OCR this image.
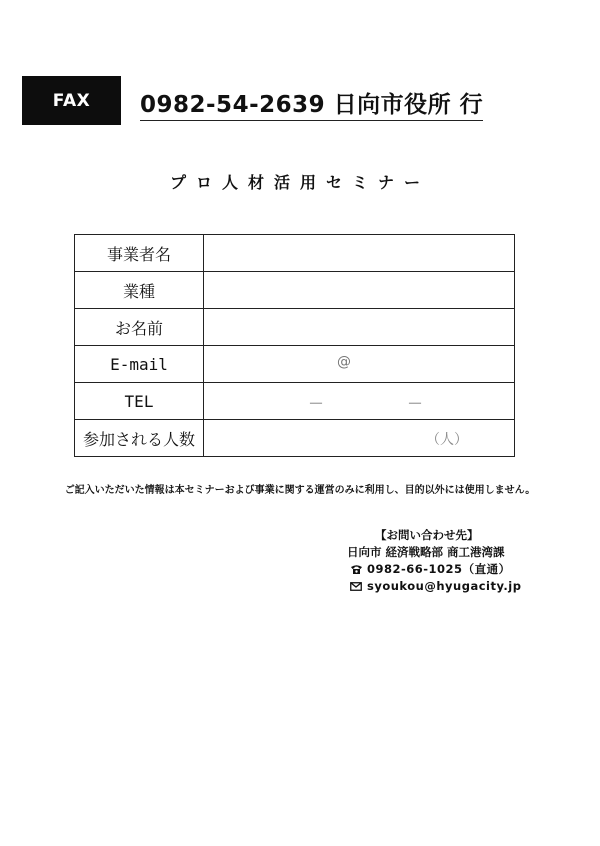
FAX 0982-54-2639 日向市役所 行
プロ人材活用セミナー
事業者名	
業種	
お名前	
E-mail	@

TEL	－ －

参加される人数	（人）
ご記入いただいた情報は本セミナーおよび事業に関する運営のみに利用し、目的以外には使用しません。
【お問い合わせ先】
日向市 経済戦略部 商工港湾課
0982-66-1025（直通）
syoukou@hyugacity.jp
